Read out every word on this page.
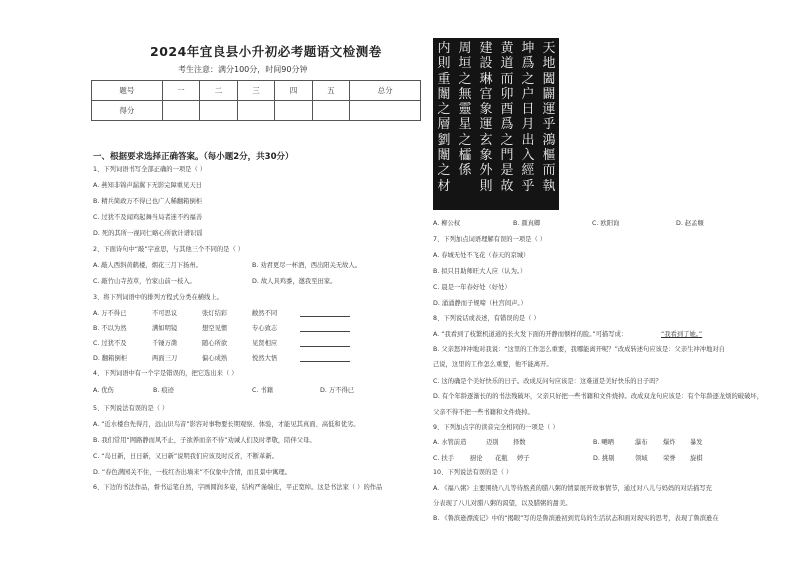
2024年宜良县小升初必考题语文检测卷
考生注意：满分100分，时间90分钟
题号	一	二	三	四	五	总分
得分						
一、根据要求选择正确答案。（每小题2分，共30分）
1、下列词语书写全部正确的一项是（ ）
A. 燕知非锦声漏翼下无影完障重见天日
B. 精兵简政万不得已也广人稀翻箱倒柜
C. 过犹不及闻鸡起舞当局者迷不约福善
D. 死的其所一视同仁略心所欲计谱识谣
2、下面诗句中“敲”字意思，与其他三个不同的是（ ）
A. 敲人西斜黄鹤楼，烟花三月下扬州。
C. 敲竹山寺蒸草，竹家山前一枝入。
3、将下列词语中的排列方程式分类在横线上。
4、下列词语中有一个字是错误的，把它选出来（ ）
5、下列说法有误的是（ ）
A. “近水楼台先得月，远山识鸟音”影容对事物要长期观察、体验，才能见其真面、高低和优劣。
B. 我们常用“网路静而风不止，子欲养而亲不待”劝诫人们及时孝敬，陪伴父母。
C. “岛日新，日日新，又日新”说明我们应该及时反省，不断革新。
D. “春色满园关不住，一枝红杏出墙来”不仅象中含情，而且景中寓理。
6、下边的书法作品，督书运笔自然，字画圆润多姿，结构严谨端庄，平正宽绰。这是书法家（ ）的作品
B. 劝君更尽一杯酒，西出阳关无故人。
D. 故人具鸡黍，邀我至田家。
A. 万不得已	不可思议	张灯结彩	敝然不同
B. 不以为然	满如明镜	想空见惯	专心致志
C. 过犹不及	千锤万凿	随心所欲	见贤相应
D. 翻箱倒柜	两面三刀	偏心成熟	悦然大悟
A. 优伤	B. 痕迹	C. 书籍	D. 万不得已
天地闔闢運乎鴻樞而執
坤爲之户日月出入經乎
黄道而卯酉爲之門是故
建設琳宫象運玄象外則
周垣之無靈星之櫺係
内則重闈之層劉闈之材
A. 柳公权	B. 颜真卿	C. 欧阳询	D. 赵孟頫
7、下列加点词语理解有误的一项是（ ）
A. 春城无处不飞花（春天的京城）
B. 拟只目助师旺大人应（认为。）
C. 晨是一年春好处（好处）
D. 涌涌静而子规啼（杜宫间声。）
8、下列说话或表述，有错误的是（ ）
A. “我看到了枝繁机道道的长火发下面的开静而惬样的脸。”可描写成：
B. 父亲怒冲冲地对我说：“这里的工作怎么重要，我哪能离开呢？”改成转述句应该是：父亲生冲冲地对自
己说，这里的工作怎么重要，他不能离开。
C. 这的确是个美好快乐的日子。改成反问句应该是：这难道是美好快乐的日子吗？
D. 有个年龄逐渐长的的书法残破坏，父亲只好把一些书籍和文件烧掉。改成双龙句应该是：有个年龄逐龙烦的破破坏，
父亲不得不把一些书籍和文件烧掉。
9、下列加点字的读音完全相同的一项是（ ）
10、下列说法有误的是（ ）
A. 《福八粥》主要围绕八儿等待熬煮的腊八粥的情景展开故事情节，通过对八儿与妈妈的对话描写充
分表现了八儿对腊八粥的渴望，以及腊粥的甜美。
B. 《鲁滨逊漂流记》中的“揭眼”写的是鲁滨逊初到荒岛的生活状态和面对现实的思考，表现了鲁滨逊在
“我看到了她。”
A. 水管前造	迈别 择数	B. 嗮晒	瀑布 爆炸 暴发
C. 扶手	厨论 花瓶 婷子	D. 挑剔	领域 荣誉 旋棋
